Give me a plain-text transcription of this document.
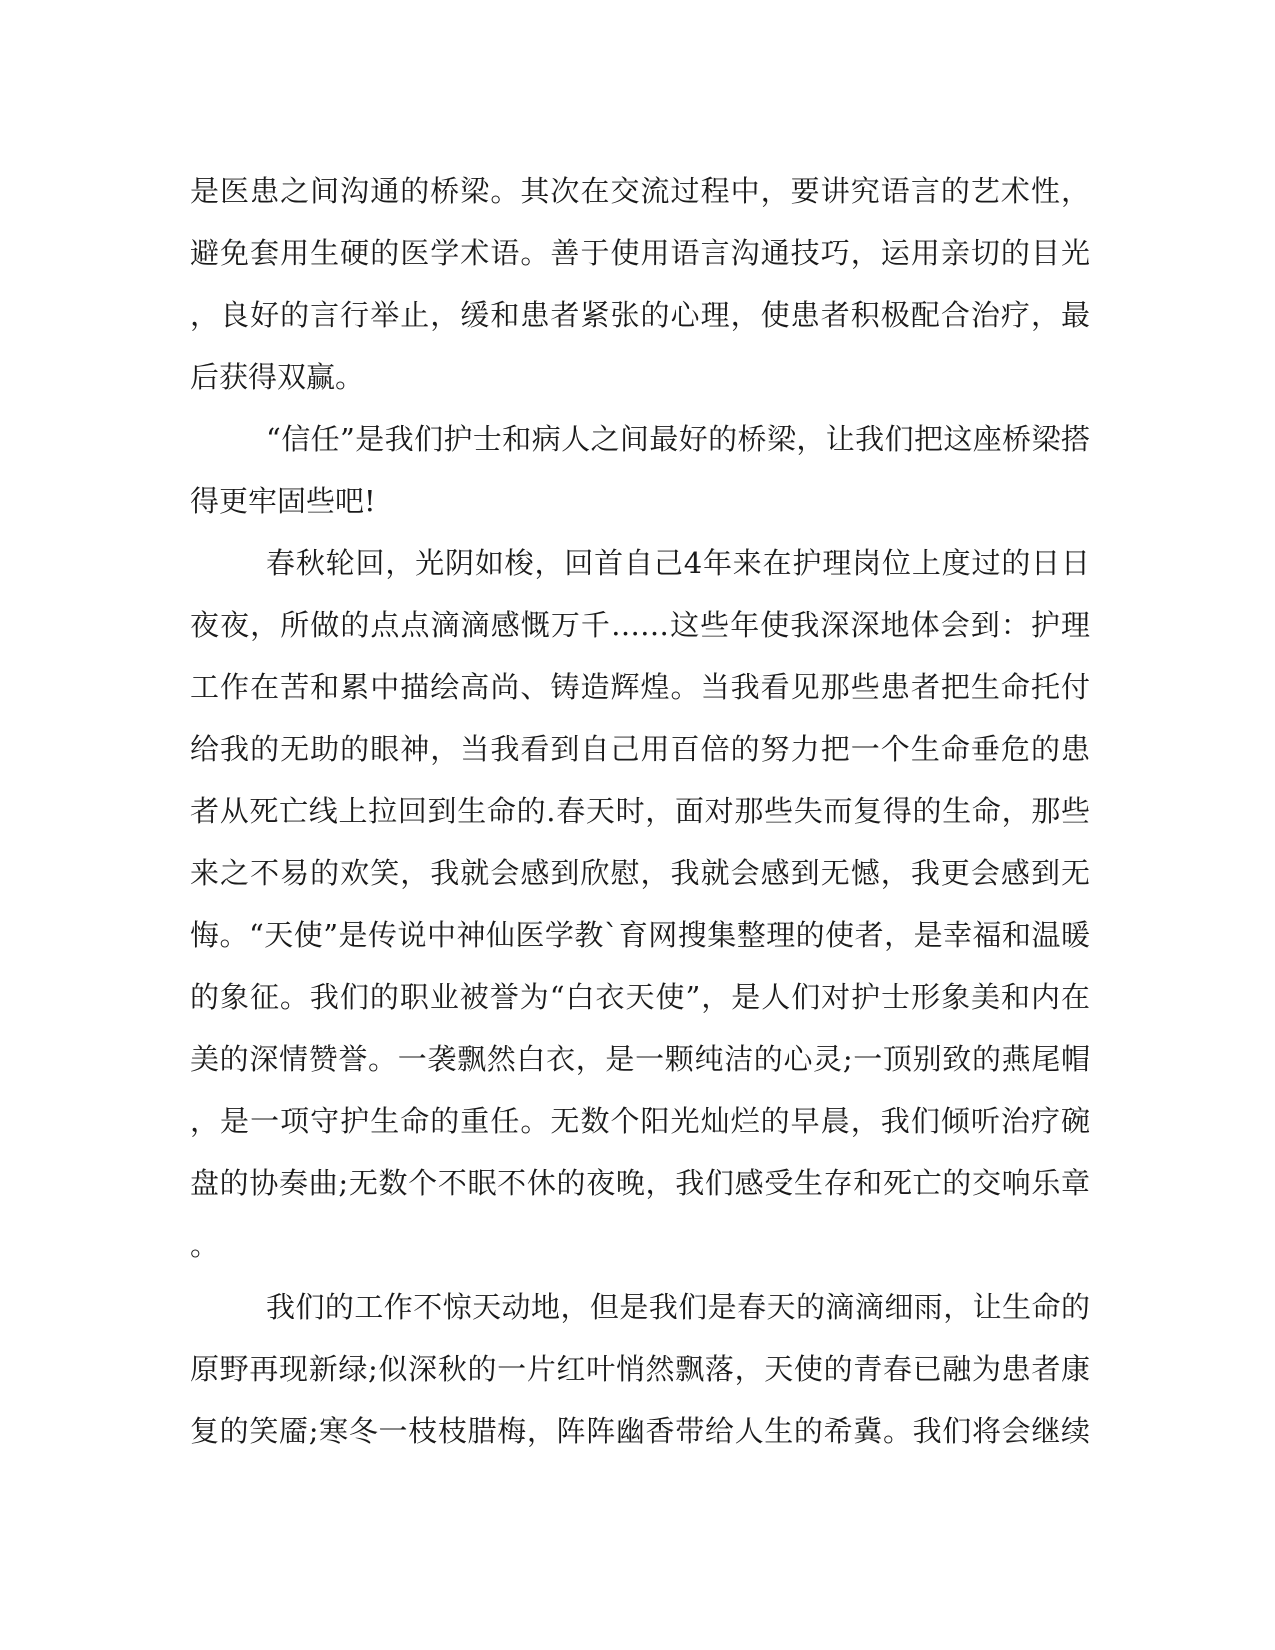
是医患之间沟通的桥梁。其次在交流过程中，要讲究语言的艺术性，
避免套用生硬的医学术语。善于使用语言沟通技巧，运用亲切的目光
，良好的言行举止，缓和患者紧张的心理，使患者积极配合治疗，最
后获得双赢。
“信任”是我们护士和病人之间最好的桥梁，让我们把这座桥梁搭
得更牢固些吧!
春秋轮回，光阴如梭，回首自己4年来在护理岗位上度过的日日
夜夜，所做的点点滴滴感慨万千……这些年使我深深地体会到：护理
工作在苦和累中描绘高尚、铸造辉煌。当我看见那些患者把生命托付
给我的无助的眼神，当我看到自己用百倍的努力把一个生命垂危的患
者从死亡线上拉回到生命的.春天时，面对那些失而复得的生命，那些
来之不易的欢笑，我就会感到欣慰，我就会感到无憾，我更会感到无
悔。“天使”是传说中神仙医学教`育网搜集整理的使者，是幸福和温暖
的象征。我们的职业被誉为“白衣天使”，是人们对护士形象美和内在
美的深情赞誉。一袭飘然白衣，是一颗纯洁的心灵;一顶别致的燕尾帽
，是一项守护生命的重任。无数个阳光灿烂的早晨，我们倾听治疗碗
盘的协奏曲;无数个不眠不休的夜晚，我们感受生存和死亡的交响乐章
。
我们的工作不惊天动地，但是我们是春天的滴滴细雨，让生命的
原野再现新绿;似深秋的一片红叶悄然飘落，天使的青春已融为患者康
复的笑靥;寒冬一枝枝腊梅，阵阵幽香带给人生的希冀。我们将会继续
